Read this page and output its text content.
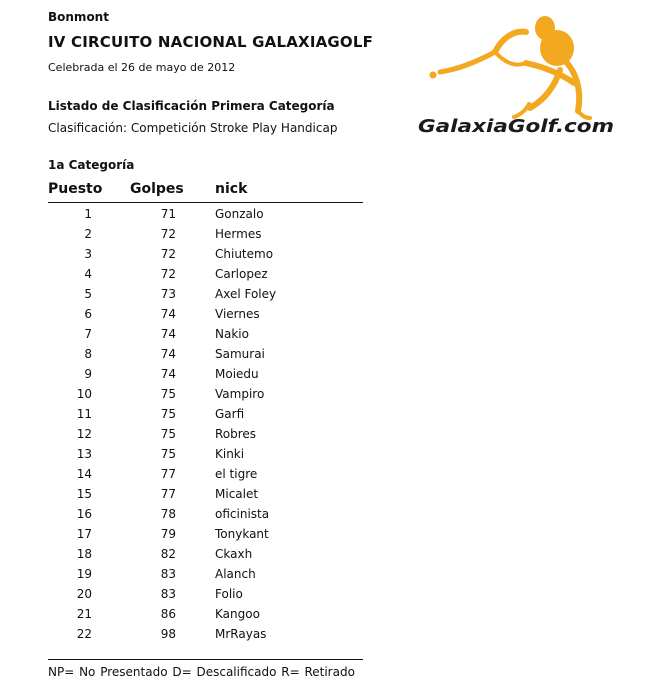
Bonmont
IV CIRCUITO NACIONAL GALAXIAGOLF
Celebrada el 26 de mayo de 2012
Listado de Clasificación Primera Categoría
Clasificación: Competición Stroke Play Handicap
1a Categoría
GalaxiaGolf.com
Puesto Golpes nick
1	71	Gonzalo
2	72	Hermes
3	72	Chiutemo
4	72	Carlopez
5	73	Axel Foley
6	74	Viernes
7	74	Nakio
8	74	Samurai
9	74	Moiedu
10	75	Vampiro
11	75	Garfi
12	75	Robres
13	75	Kinki
14	77	el tigre
15	77	Micalet
16	78	oficinista
17	79	Tonykant
18	82	Ckaxh
19	83	Alanch
20	83	Folio
21	86	Kangoo
22	98	MrRayas
NP= No Presentado D= Descalificado R= Retirado
